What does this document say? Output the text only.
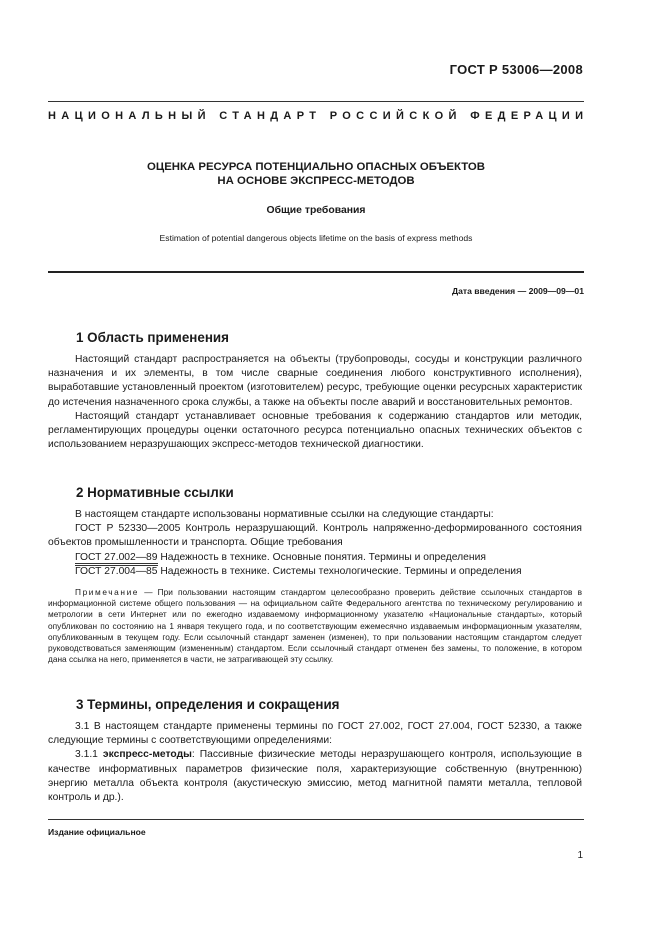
ГОСТ Р 53006—2008
НАЦИОНАЛЬНЫЙ СТАНДАРТ РОССИЙСКОЙ ФЕДЕРАЦИИ
ОЦЕНКА РЕСУРСА ПОТЕНЦИАЛЬНО ОПАСНЫХ ОБЪЕКТОВ
НА ОСНОВЕ ЭКСПРЕСС-МЕТОДОВ
Общие требования
Estimation of potential dangerous objects lifetime on the basis of express methods
Дата введения — 2009—09—01
1 Область применения

Настоящий стандарт распространяется на объекты (трубопроводы, сосуды и конструкции различного назначения и их элементы, в том числе сварные соединения любого конструктивного исполнения), выработавшие установленный проектом (изготовителем) ресурс, требующие оценки ресурсных характеристик до истечения назначенного срока службы, а также на объекты после аварий и восстановительных ремонтов.

Настоящий стандарт устанавливает основные требования к содержанию стандартов или методик, регламентирующих процедуры оценки остаточного ресурса потенциально опасных технических объектов с использованием неразрушающих экспресс-методов технической диагностики.

2 Нормативные ссылки

В настоящем стандарте использованы нормативные ссылки на следующие стандарты:

ГОСТ Р 52330—2005 Контроль неразрушающий. Контроль напряженно-деформированного состояния объектов промышленности и транспорта. Общие требования

ГОСТ 27.002—89 Надежность в технике. Основные понятия. Термины и определения

ГОСТ 27.004—85 Надежность в технике. Системы технологические. Термины и определения

Примечание — При пользовании настоящим стандартом целесообразно проверить действие ссылочных стандартов в информационной системе общего пользования — на официальном сайте Федерального агентства по техническому регулированию и метрологии в сети Интернет или по ежегодно издаваемому информационному указателю «Национальные стандарты», который опубликован по состоянию на 1 января текущего года, и по соответствующим ежемесячно издаваемым информационным указателям, опубликованным в текущем году. Если ссылочный стандарт заменен (изменен), то при пользовании настоящим стандартом следует руководствоваться заменяющим (измененным) стандартом. Если ссылочный стандарт отменен без замены, то положение, в котором дана ссылка на него, применяется в части, не затрагивающей эту ссылку.

3 Термины, определения и сокращения

3.1 В настоящем стандарте применены термины по ГОСТ 27.002, ГОСТ 27.004, ГОСТ 52330, а также следующие термины с соответствующими определениями:

3.1.1 экспресс-методы: Пассивные физические методы неразрушающего контроля, использующие в качестве информативных параметров физические поля, характеризующие собственную (внутреннюю) энергию металла объекта контроля (акустическую эмиссию, метод магнитной памяти металла, тепловой контроль и др.).

Издание официальное
1
